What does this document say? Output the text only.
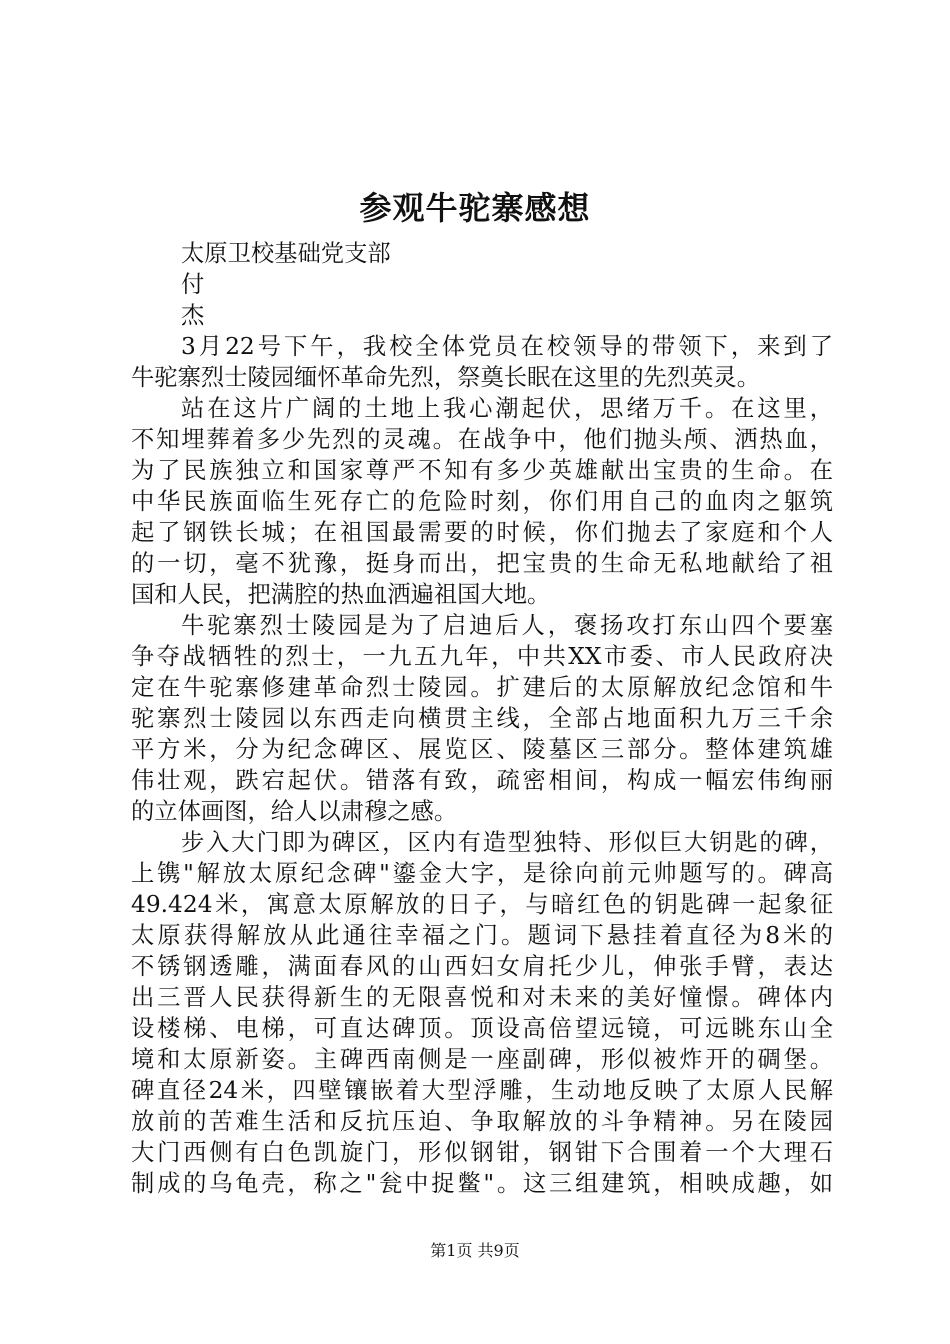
参观牛驼寨感想
太原卫校基础党支部
付
杰
3月22号下午，我校全体党员在校领导的带领下，来到了
牛驼寨烈士陵园缅怀革命先烈，祭奠长眠在这里的先烈英灵。
站在这片广阔的土地上我心潮起伏，思绪万千。在这里，
不知埋葬着多少先烈的灵魂。在战争中，他们抛头颅、洒热血，
为了民族独立和国家尊严不知有多少英雄献出宝贵的生命。在
中华民族面临生死存亡的危险时刻，你们用自己的血肉之躯筑
起了钢铁长城；在祖国最需要的时候，你们抛去了家庭和个人
的一切，毫不犹豫，挺身而出，把宝贵的生命无私地献给了祖
国和人民，把满腔的热血洒遍祖国大地。
牛驼寨烈士陵园是为了启迪后人，褒扬攻打东山四个要塞
争夺战牺牲的烈士，一九五九年，中共XX市委、市人民政府决
定在牛驼寨修建革命烈士陵园。扩建后的太原解放纪念馆和牛
驼寨烈士陵园以东西走向横贯主线，全部占地面积九万三千余
平方米，分为纪念碑区、展览区、陵墓区三部分。整体建筑雄
伟壮观，跌宕起伏。错落有致，疏密相间，构成一幅宏伟绚丽
的立体画图，给人以肃穆之感。
步入大门即为碑区，区内有造型独特、形似巨大钥匙的碑，
上镌"解放太原纪念碑"鎏金大字，是徐向前元帅题写的。碑高
49.424米，寓意太原解放的日子，与暗红色的钥匙碑一起象征
太原获得解放从此通往幸福之门。题词下悬挂着直径为8米的
不锈钢透雕，满面春风的山西妇女肩托少儿，伸张手臂，表达
出三晋人民获得新生的无限喜悦和对未来的美好憧憬。碑体内
设楼梯、电梯，可直达碑顶。顶设高倍望远镜，可远眺东山全
境和太原新姿。主碑西南侧是一座副碑，形似被炸开的碉堡。
碑直径24米，四壁镶嵌着大型浮雕，生动地反映了太原人民解
放前的苦难生活和反抗压迫、争取解放的斗争精神。另在陵园
大门西侧有白色凯旋门，形似钢钳，钢钳下合围着一个大理石
制成的乌龟壳，称之"瓮中捉鳖"。这三组建筑，相映成趣，如
第1页 共9页
